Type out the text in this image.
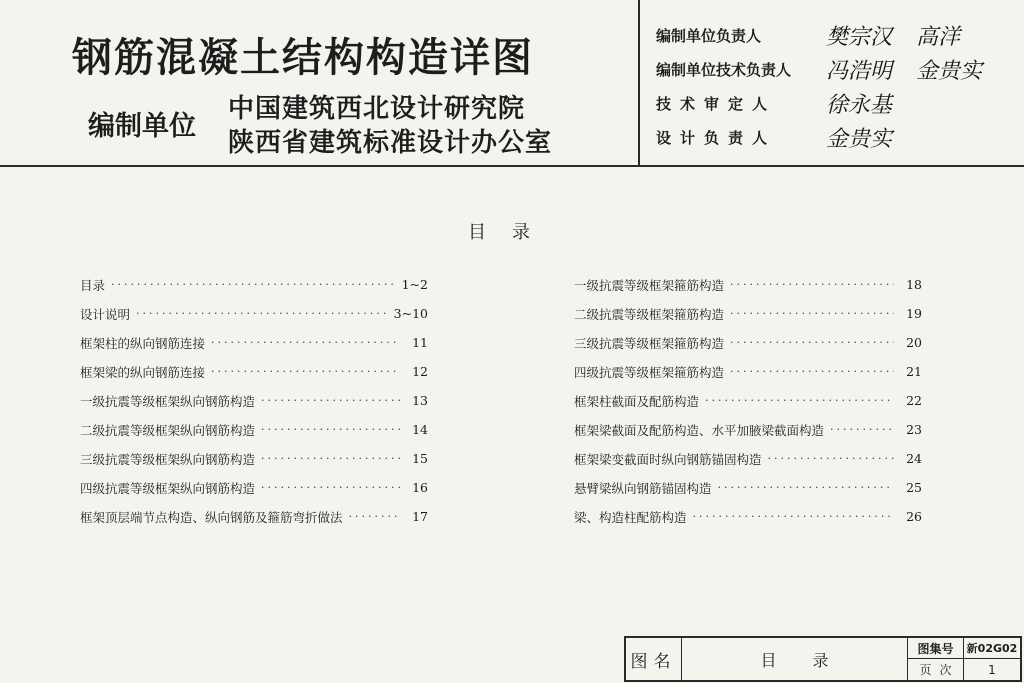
钢筋混凝土结构构造详图
编制单位
中国建筑西北设计研究院
陕西省建筑标准设计办公室
编制单位负责人	樊宗汉 高洋
编制单位技术负责人	冯浩明 金贵实
技术审定人	徐永基
设计负责人	金贵实
目录
目录 ·····	1~2
设计说明 ·····	3~10
框架柱的纵向钢筋连接 ·····	11
框架梁的纵向钢筋连接 ·····	12
一级抗震等级框架纵向钢筋构造 ·····	13
二级抗震等级框架纵向钢筋构造 ·····	14
三级抗震等级框架纵向钢筋构造 ·····	15
四级抗震等级框架纵向钢筋构造 ·····	16
框架顶层端节点构造、纵向钢筋及箍筋弯折做法 ·····	17
一级抗震等级框架箍筋构造 ·····	18
二级抗震等级框架箍筋构造 ·····	19
三级抗震等级框架箍筋构造 ·····	20
四级抗震等级框架箍筋构造 ·····	21
框架柱截面及配筋构造 ·····	22
框架梁截面及配筋构造、水平加腋梁截面构造 ·····	23
框架梁变截面时纵向钢筋锚固构造 ·····	24
悬臂梁纵向钢筋锚固构造 ·····	25
梁、构造柱配筋构造 ·····	26
图名	目录
图集号	新02G02
页次	1
